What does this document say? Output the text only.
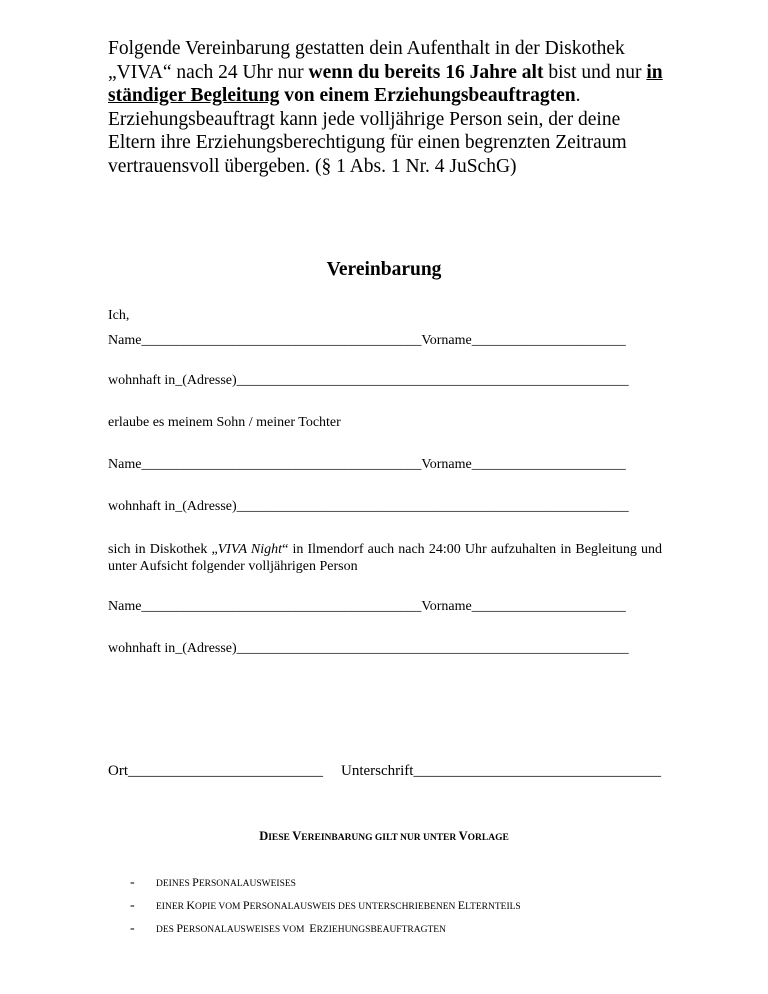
Folgende Vereinbarung gestatten dein Aufenthalt in der Diskothek „VIVA“ nach 24 Uhr nur wenn du bereits 16 Jahre alt bist und nur in ständiger Begleitung von einem Erziehungsbeauftragten. Erziehungsbeauftragt kann jede volljährige Person sein, der deine Eltern ihre Erziehungsberechtigung für einen begrenzten Zeitraum vertrauensvoll übergeben. (§ 1 Abs. 1 Nr. 4 JuSchG)
Vereinbarung
Ich,
Name________________________________________Vorname______________________
wohnhaft in_(Adresse)________________________________________________________
erlaube es meinem Sohn / meiner Tochter
Name________________________________________Vorname______________________
wohnhaft in_(Adresse)________________________________________________________
sich in Diskothek „VIVA Night“ in Ilmendorf auch nach 24:00 Uhr aufzuhalten in Begleitung und unter Aufsicht folgender volljährigen Person
Name________________________________________Vorname______________________
wohnhaft in_(Adresse)________________________________________________________
Ort__________________________ Unterschrift_________________________________
DIESE VEREINBARUNG GILT NUR UNTER VORLAGE
- DEINES PERSONALAUSWEISES
- EINER KOPIE VOM PERSONALAUSWEIS DES UNTERSCHRIEBENEN ELTERNTEILS
- DES PERSONALAUSWEISES VOM  ERZIEHUNGSBEAUFTRAGTEN
